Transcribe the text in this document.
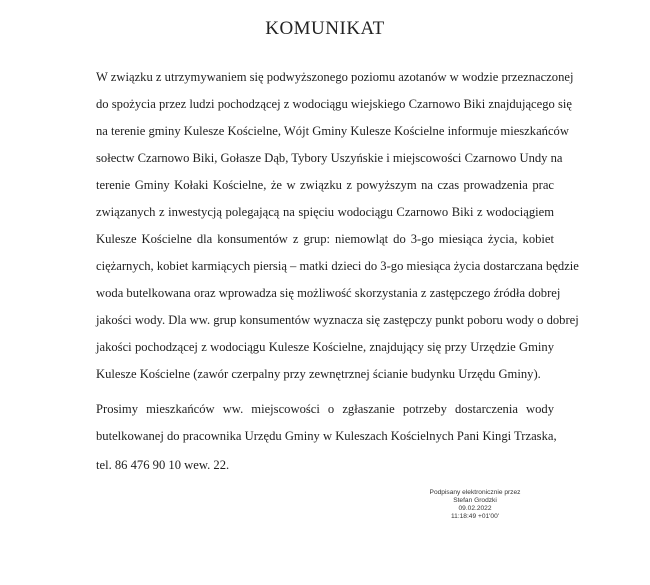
KOMUNIKAT
W związku z utrzymywaniem się podwyższonego poziomu azotanów w wodzie przeznaczonej
do spożycia przez ludzi pochodzącej z wodociągu wiejskiego Czarnowo Biki znajdującego się
na terenie gminy Kulesze Kościelne, Wójt Gminy Kulesze Kościelne informuje mieszkańców
sołectw Czarnowo Biki, Gołasze Dąb, Tybory Uszyńskie i miejscowości Czarnowo Undy na
terenie Gminy Kołaki Kościelne, że w związku z powyższym na czas prowadzenia prac
związanych z inwestycją polegającą na spięciu wodociągu Czarnowo Biki z wodociągiem
Kulesze Kościelne dla konsumentów z grup: niemowląt do 3-go miesiąca życia, kobiet
ciężarnych, kobiet karmiących piersią – matki dzieci do 3-go miesiąca życia dostarczana będzie
woda butelkowana oraz wprowadza się możliwość skorzystania z zastępczego źródła dobrej
jakości wody. Dla ww. grup konsumentów wyznacza się zastępczy punkt poboru wody o dobrej
jakości pochodzącej z wodociągu Kulesze Kościelne, znajdujący się przy Urzędzie Gminy
Kulesze Kościelne (zawór czerpalny przy zewnętrznej ścianie budynku Urzędu Gminy).
Prosimy mieszkańców ww. miejscowości o zgłaszanie potrzeby dostarczenia wody
butelkowanej do pracownika Urzędu Gminy w Kuleszach Kościelnych Pani Kingi Trzaska,
tel. 86 476 90 10 wew. 22.
Podpisany elektronicznie przez
Stefan Grodzki
09.02.2022
11:18:49 +01'00'
